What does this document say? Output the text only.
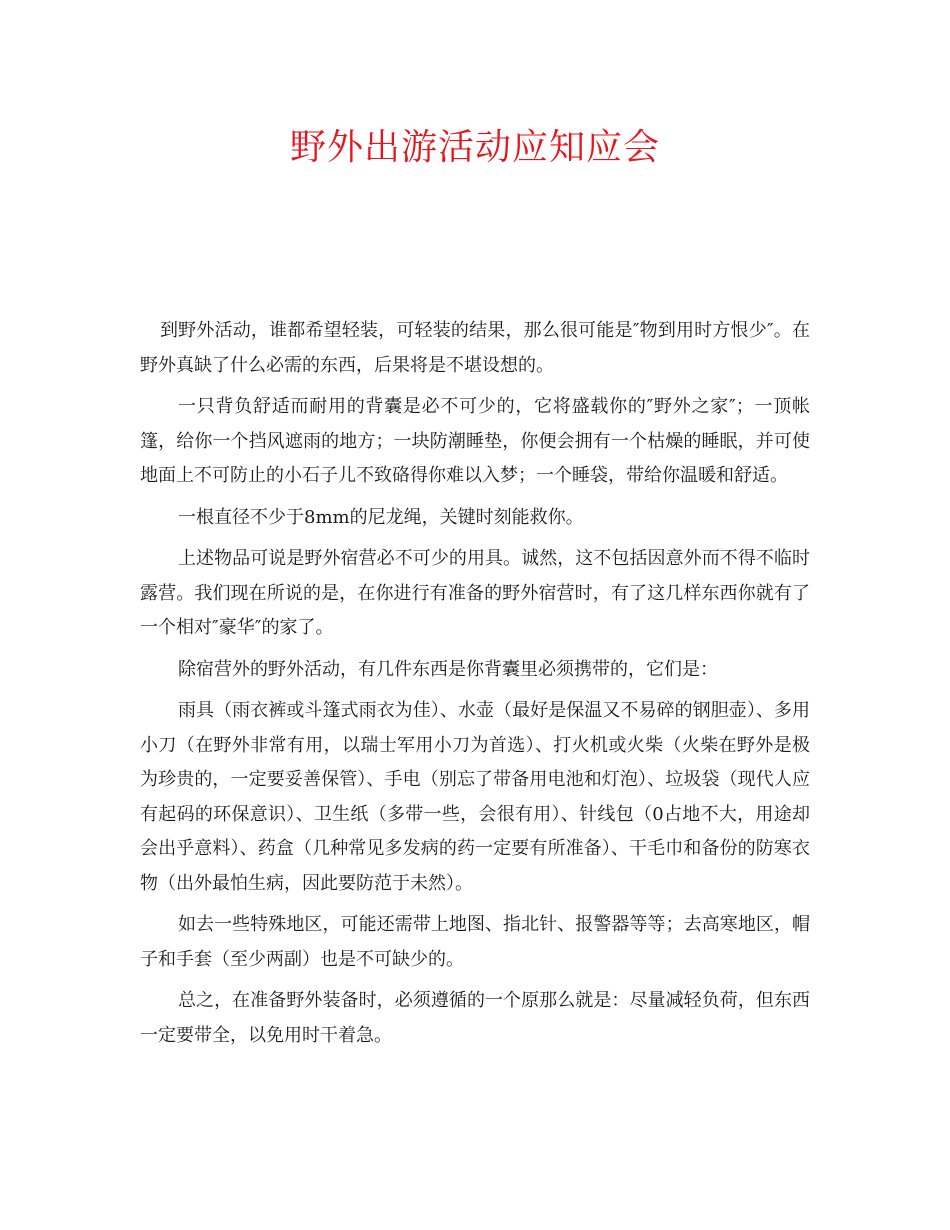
野外出游活动应知应会

到野外活动，谁都希望轻装，可轻装的结果，那么很可能是″物到用时方恨少″。在野外真缺了什么必需的东西，后果将是不堪设想的。

一只背负舒适而耐用的背囊是必不可少的，它将盛载你的″野外之家″；一顶帐篷，给你一个挡风遮雨的地方；一块防潮睡垫，你便会拥有一个枯燥的睡眠，并可使地面上不可防止的小石子儿不致硌得你难以入梦；一个睡袋，带给你温暖和舒适。

一根直径不少于8mm的尼龙绳，关键时刻能救你。

上述物品可说是野外宿营必不可少的用具。诚然，这不包括因意外而不得不临时露营。我们现在所说的是，在你进行有准备的野外宿营时，有了这几样东西你就有了一个相对″豪华″的家了。

除宿营外的野外活动，有几件东西是你背囊里必须携带的，它们是：

雨具（雨衣裤或斗篷式雨衣为佳）、水壶（最好是保温又不易碎的钢胆壶）、多用小刀（在野外非常有用，以瑞士军用小刀为首选）、打火机或火柴（火柴在野外是极为珍贵的，一定要妥善保管）、手电（别忘了带备用电池和灯泡）、垃圾袋（现代人应有起码的环保意识）、卫生纸（多带一些，会很有用）、针线包（0占地不大，用途却会出乎意料）、药盒（几种常见多发病的药一定要有所准备）、干毛巾和备份的防寒衣物（出外最怕生病，因此要防范于未然）。

如去一些特殊地区，可能还需带上地图、指北针、报警器等等；去高寒地区，帽子和手套（至少两副）也是不可缺少的。

总之，在准备野外装备时，必须遵循的一个原那么就是：尽量减轻负荷，但东西一定要带全，以免用时干着急。
